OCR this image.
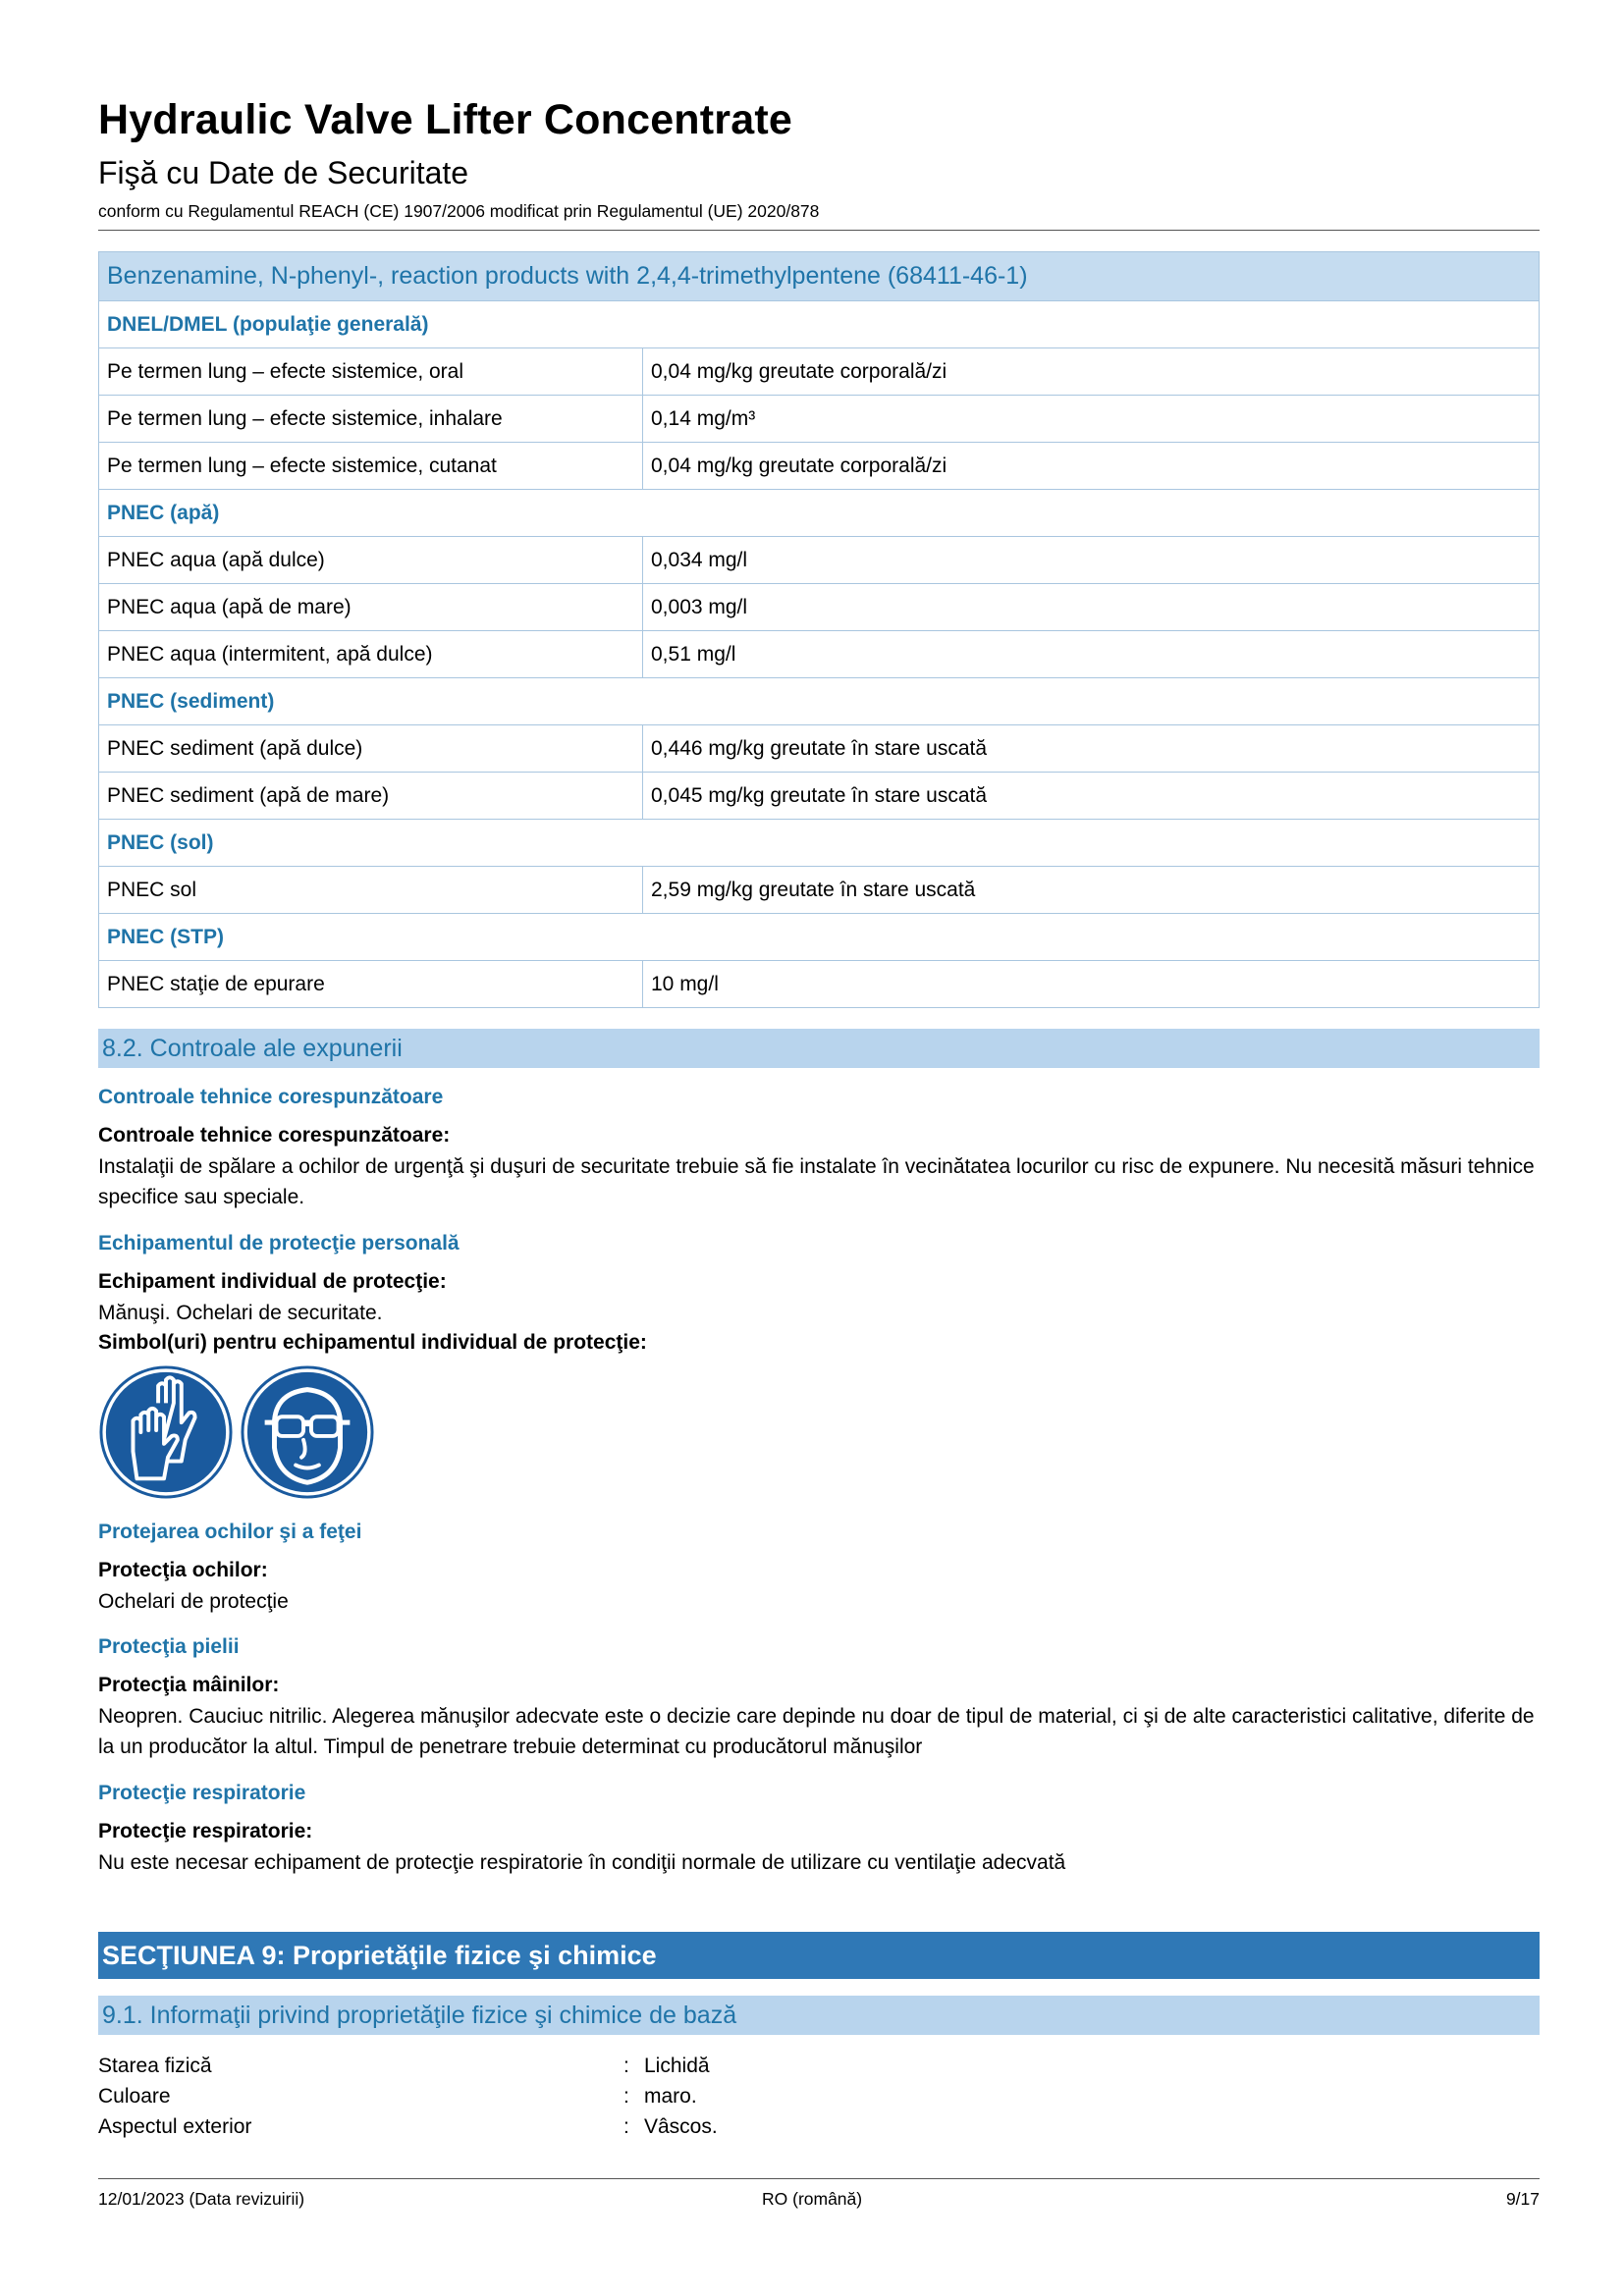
Hydraulic Valve Lifter Concentrate
Fişă cu Date de Securitate
conform cu Regulamentul REACH (CE) 1907/2006 modificat prin Regulamentul (UE) 2020/878
Benzenamine, N-phenyl-, reaction products with 2,4,4-trimethylpentene (68411-46-1)	
DNEL/DMEL (populaţie generală)	
Pe termen lung – efecte sistemice, oral	0,04 mg/kg greutate corporală/zi
Pe termen lung – efecte sistemice, inhalare	0,14 mg/m³
Pe termen lung – efecte sistemice, cutanat	0,04 mg/kg greutate corporală/zi
PNEC (apă)	
PNEC aqua (apă dulce)	0,034 mg/l
PNEC aqua (apă de mare)	0,003 mg/l
PNEC aqua (intermitent, apă dulce)	0,51 mg/l
PNEC (sediment)	
PNEC sediment (apă dulce)	0,446 mg/kg greutate în stare uscată
PNEC sediment (apă de mare)	0,045 mg/kg greutate în stare uscată
PNEC (sol)	
PNEC sol	2,59 mg/kg greutate în stare uscată
PNEC (STP)	
PNEC staţie de epurare	10 mg/l
8.2. Controale ale expunerii
Controale tehnice corespunzătoare
Controale tehnice corespunzătoare:
Instalaţii de spălare a ochilor de urgenţă şi duşuri de securitate trebuie să fie instalate în vecinătatea locurilor cu risc de expunere. Nu necesită măsuri tehnice specifice sau speciale.
Echipamentul de protecţie personală
Echipament individual de protecţie:
Mănuşi. Ochelari de securitate.
Simbol(uri) pentru echipamentul individual de protecţie:
Protejarea ochilor şi a feţei
Protecţia ochilor:
Ochelari de protecţie
Protecţia pielii
Protecţia mâinilor:
Neopren. Cauciuc nitrilic. Alegerea mănuşilor adecvate este o decizie care depinde nu doar de tipul de material, ci şi de alte caracteristici calitative, diferite de la un producător la altul. Timpul de penetrare trebuie determinat cu producătorul mănuşilor
Protecţie respiratorie
Protecţie respiratorie:
Nu este necesar echipament de protecţie respiratorie în condiţii normale de utilizare cu ventilaţie adecvată
SECŢIUNEA 9: Proprietăţile fizice şi chimice
9.1. Informaţii privind proprietăţile fizice şi chimice de bază
Starea fizică	: Lichidă
Culoare	: maro.
Aspectul exterior	: Vâscos.
12/01/2023 (Data revizuirii)	RO (română)	9/17
